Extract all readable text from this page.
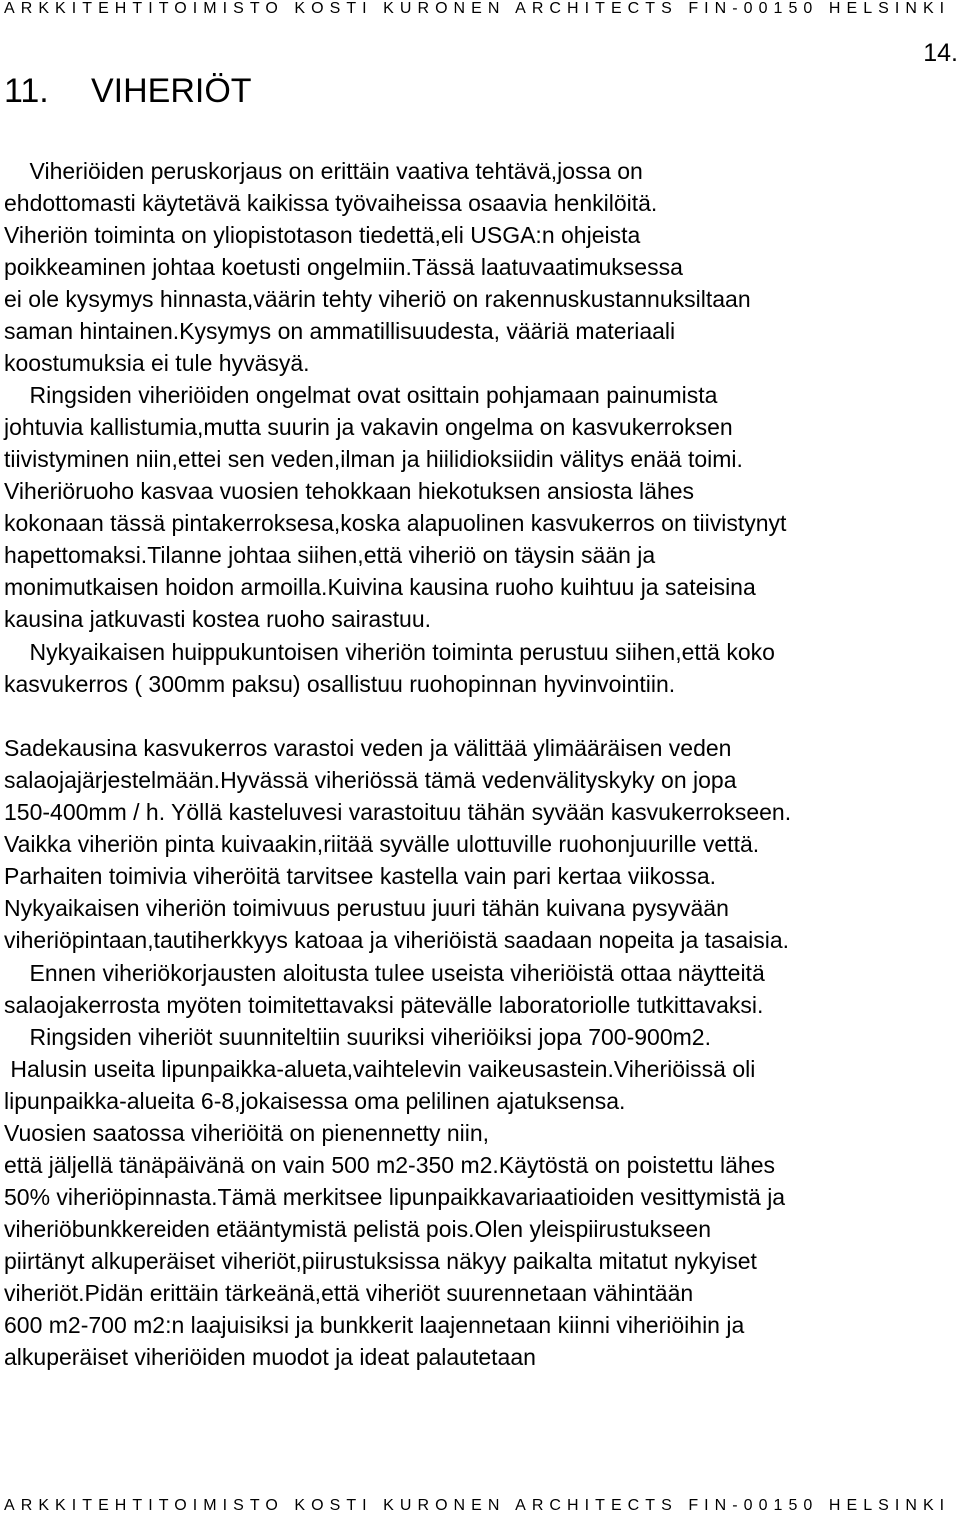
ARKKITEHTITOIMISTO KOSTI KURONEN ARCHITECTS FIN-00150 HELSINKI
14.
11. VIHERIÖT
Viheriöiden peruskorjaus on erittäin vaativa tehtävä,jossa on
ehdottomasti käytetävä kaikissa työvaiheissa osaavia henkilöitä.
Viheriön toiminta on yliopistotason tiedettä,eli USGA:n ohjeista
poikkeaminen johtaa koetusti ongelmiin.Tässä laatuvaatimuksessa
ei ole kysymys hinnasta,väärin tehty viheriö on rakennuskustannuksiltaan
saman hintainen.Kysymys on ammatillisuudesta, vääriä materiaali
koostumuksia ei tule hyväsyä.
Ringsiden viheriöiden ongelmat ovat osittain pohjamaan painumista
johtuvia kallistumia,mutta suurin ja vakavin ongelma on kasvukerroksen
tiivistyminen niin,ettei sen veden,ilman ja hiilidioksiidin välitys enää toimi.
Viheriöruoho kasvaa vuosien tehokkaan hiekotuksen ansiosta lähes
kokonaan tässä pintakerroksesa,koska alapuolinen kasvukerros on tiivistynyt
hapettomaksi.Tilanne johtaa siihen,että viheriö on täysin sään ja
monimutkaisen hoidon armoilla.Kuivina kausina ruoho kuihtuu ja sateisina
kausina jatkuvasti kostea ruoho sairastuu.
Nykyaikaisen huippukuntoisen viheriön toiminta perustuu siihen,että koko
kasvukerros ( 300mm paksu) osallistuu ruohopinnan hyvinvointiin.
Sadekausina kasvukerros varastoi veden ja välittää ylimääräisen veden
salaojajärjestelmään.Hyvässä viheriössä tämä vedenvälityskyky on jopa
150-400mm / h. Yöllä kasteluvesi varastoituu tähän syvään kasvukerrokseen.
Vaikka viheriön pinta kuivaakin,riitää syvälle ulottuville ruohonjuurille vettä.
Parhaiten toimivia viheröitä tarvitsee kastella vain pari kertaa viikossa.
Nykyaikaisen viheriön toimivuus perustuu juuri tähän kuivana pysyvään
viheriöpintaan,tautiherkkyys katoaa ja viheriöistä saadaan nopeita ja tasaisia.
Ennen viheriökorjausten aloitusta tulee useista viheriöistä ottaa näytteitä
salaojakerrosta myöten toimitettavaksi pätevälle laboratoriolle tutkittavaksi.
Ringsiden viheriöt suunniteltiin suuriksi viheriöiksi jopa 700-900m2.
Halusin useita lipunpaikka-alueta,vaihtelevin vaikeusastein.Viheriöissä oli
lipunpaikka-alueita 6-8,jokaisessa oma pelilinen ajatuksensa.
Vuosien saatossa viheriöitä on pienennetty niin,
että jäljellä tänäpäivänä on vain 500 m2-350 m2.Käytöstä on poistettu lähes
50% viheriöpinnasta.Tämä merkitsee lipunpaikkavariaatioiden vesittymistä ja
viheriöbunkkereiden etääntymistä pelistä pois.Olen yleispiirustukseen
piirtänyt alkuperäiset viheriöt,piirustuksissa näkyy paikalta mitatut nykyiset
viheriöt.Pidän erittäin tärkeänä,että viheriöt suurennetaan vähintään
600 m2-700 m2:n laajuisiksi ja bunkkerit laajennetaan kiinni viheriöihin ja
alkuperäiset viheriöiden muodot ja ideat palautetaan
ARKKITEHTITOIMISTO KOSTI KURONEN ARCHITECTS FIN-00150 HELSINKI
